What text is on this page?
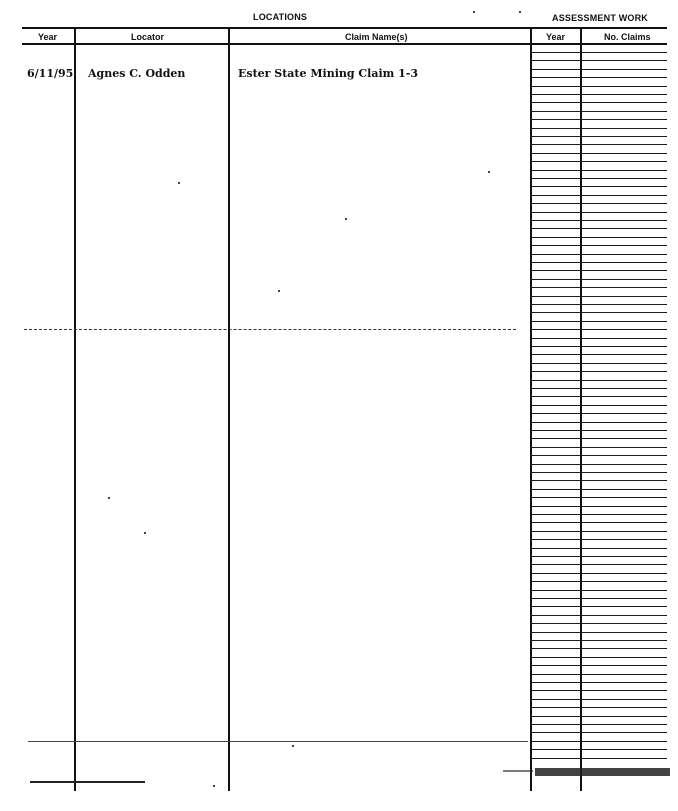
LOCATIONS	ASSESSMENT WORK
Year	Locator	Claim Name(s)	Year	No. Claims
6/11/95 Agnes C. Odden	Ester State Mining Claim 1-3
